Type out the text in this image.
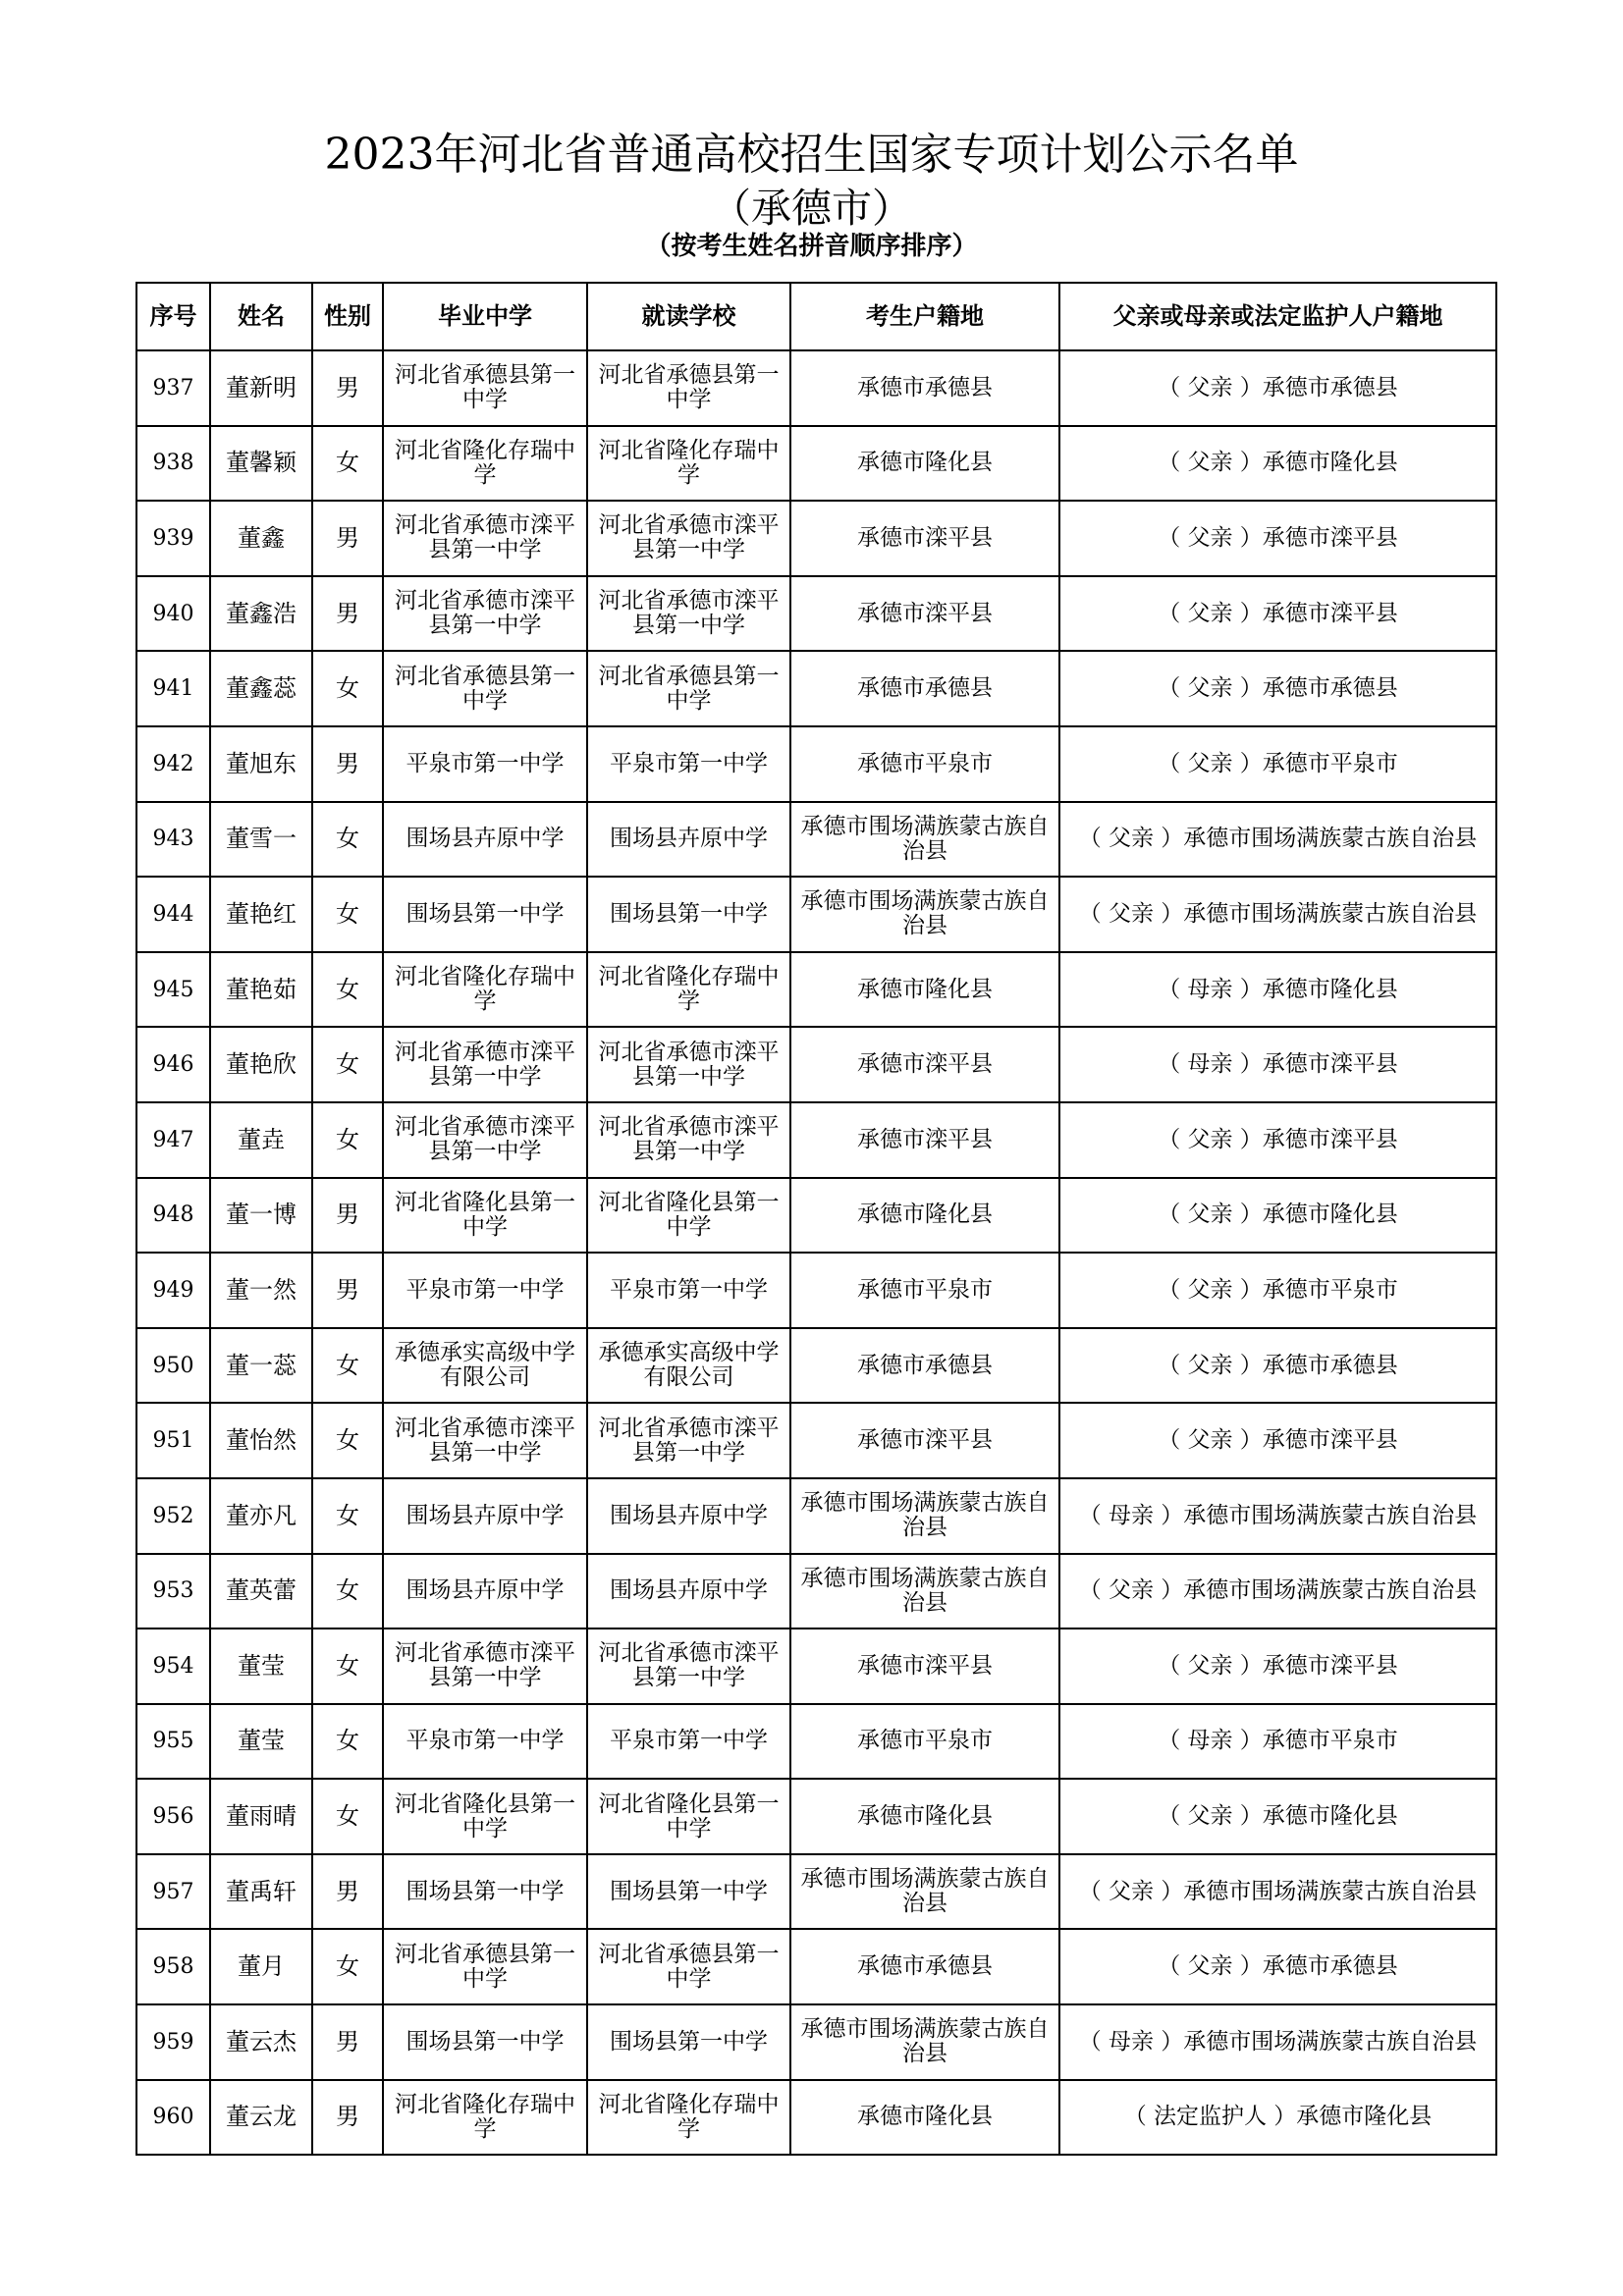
2023年河北省普通高校招生国家专项计划公示名单
（承德市）
（按考生姓名拼音顺序排序）
序号	姓名	性别	毕业中学	就读学校	考生户籍地	父亲或母亲或法定监护人户籍地
937	董新明	男	河北省承德县第一中学	河北省承德县第一中学	承德市承德县	（ 父亲 ）承德市承德县
938	董馨颖	女	河北省隆化存瑞中学	河北省隆化存瑞中学	承德市隆化县	（ 父亲 ）承德市隆化县
939	董鑫	男	河北省承德市滦平县第一中学	河北省承德市滦平县第一中学	承德市滦平县	（ 父亲 ）承德市滦平县
940	董鑫浩	男	河北省承德市滦平县第一中学	河北省承德市滦平县第一中学	承德市滦平县	（ 父亲 ）承德市滦平县
941	董鑫蕊	女	河北省承德县第一中学	河北省承德县第一中学	承德市承德县	（ 父亲 ）承德市承德县
942	董旭东	男	平泉市第一中学	平泉市第一中学	承德市平泉市	（ 父亲 ）承德市平泉市
943	董雪一	女	围场县卉原中学	围场县卉原中学	承德市围场满族蒙古族自治县	（ 父亲 ）承德市围场满族蒙古族自治县
944	董艳红	女	围场县第一中学	围场县第一中学	承德市围场满族蒙古族自治县	（ 父亲 ）承德市围场满族蒙古族自治县
945	董艳茹	女	河北省隆化存瑞中学	河北省隆化存瑞中学	承德市隆化县	（ 母亲 ）承德市隆化县
946	董艳欣	女	河北省承德市滦平县第一中学	河北省承德市滦平县第一中学	承德市滦平县	（ 母亲 ）承德市滦平县
947	董垚	女	河北省承德市滦平县第一中学	河北省承德市滦平县第一中学	承德市滦平县	（ 父亲 ）承德市滦平县
948	董一博	男	河北省隆化县第一中学	河北省隆化县第一中学	承德市隆化县	（ 父亲 ）承德市隆化县
949	董一然	男	平泉市第一中学	平泉市第一中学	承德市平泉市	（ 父亲 ）承德市平泉市
950	董一蕊	女	承德承实高级中学有限公司	承德承实高级中学有限公司	承德市承德县	（ 父亲 ）承德市承德县
951	董怡然	女	河北省承德市滦平县第一中学	河北省承德市滦平县第一中学	承德市滦平县	（ 父亲 ）承德市滦平县
952	董亦凡	女	围场县卉原中学	围场县卉原中学	承德市围场满族蒙古族自治县	（ 母亲 ）承德市围场满族蒙古族自治县
953	董英蕾	女	围场县卉原中学	围场县卉原中学	承德市围场满族蒙古族自治县	（ 父亲 ）承德市围场满族蒙古族自治县
954	董莹	女	河北省承德市滦平县第一中学	河北省承德市滦平县第一中学	承德市滦平县	（ 父亲 ）承德市滦平县
955	董莹	女	平泉市第一中学	平泉市第一中学	承德市平泉市	（ 母亲 ）承德市平泉市
956	董雨晴	女	河北省隆化县第一中学	河北省隆化县第一中学	承德市隆化县	（ 父亲 ）承德市隆化县
957	董禹轩	男	围场县第一中学	围场县第一中学	承德市围场满族蒙古族自治县	（ 父亲 ）承德市围场满族蒙古族自治县
958	董月	女	河北省承德县第一中学	河北省承德县第一中学	承德市承德县	（ 父亲 ）承德市承德县
959	董云杰	男	围场县第一中学	围场县第一中学	承德市围场满族蒙古族自治县	（ 母亲 ）承德市围场满族蒙古族自治县
960	董云龙	男	河北省隆化存瑞中学	河北省隆化存瑞中学	承德市隆化县	（ 法定监护人 ）承德市隆化县
